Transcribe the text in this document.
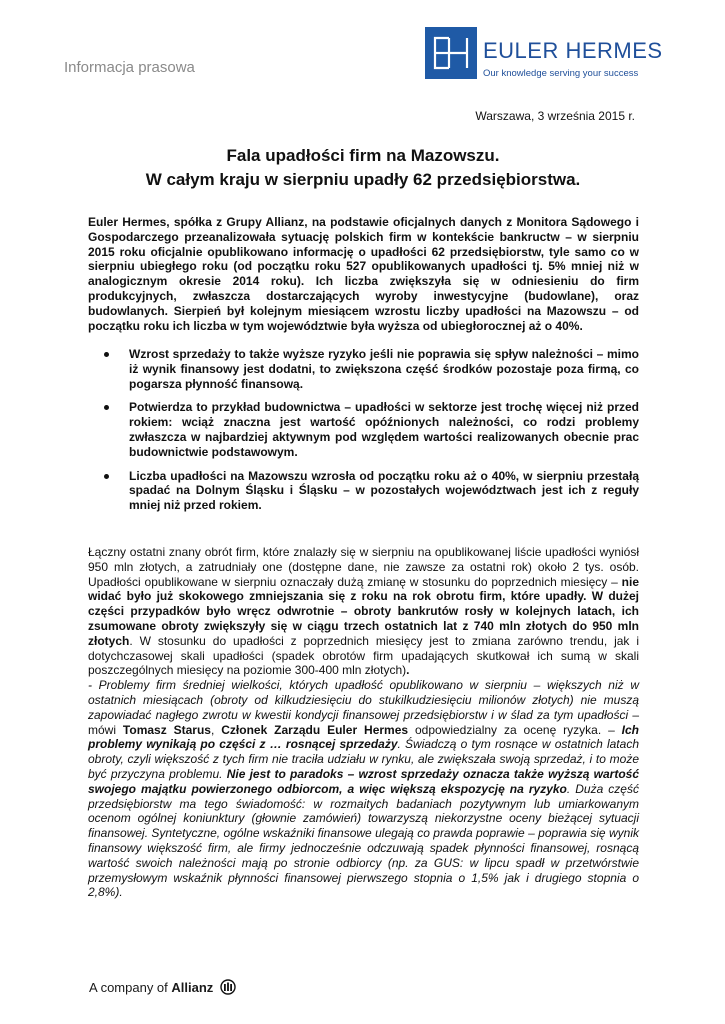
Informacja prasowa
EULER HERMES
Our knowledge serving your success
Warszawa, 3 września 2015 r.
Fala upadłości firm na Mazowszu.
W całym kraju w sierpniu upadły 62 przedsiębiorstwa.
Euler Hermes, spółka z Grupy Allianz, na podstawie oficjalnych danych z Monitora Sądowego i Gospodarczego przeanalizowała sytuację polskich firm w kontekście bankructw – w sierpniu 2015 roku oficjalnie opublikowano informację o upadłości 62 przedsiębiorstw, tyle samo co w sierpniu ubiegłego roku (od początku roku 527 opublikowanych upadłości tj. 5% mniej niż w analogicznym okresie 2014 roku). Ich liczba zwiększyła się w odniesieniu do firm produkcyjnych, zwłaszcza dostarczających wyroby inwestycyjne (budowlane), oraz budowlanych. Sierpień był kolejnym miesiącem wzrostu liczby upadłości na Mazowszu – od początku roku ich liczba w tym województwie była wyższa od ubiegłorocznej aż o 40%.
Wzrost sprzedaży to także wyższe ryzyko jeśli nie poprawia się spływ należności – mimo iż wynik finansowy jest dodatni, to zwiększona część środków pozostaje poza firmą, co pogarsza płynność finansową.
Potwierdza to przykład budownictwa – upadłości w sektorze jest trochę więcej niż przed rokiem: wciąż znaczna jest wartość opóźnionych należności, co rodzi problemy zwłaszcza w najbardziej aktywnym pod względem wartości realizowanych obecnie prac budownictwie podstawowym.
Liczba upadłości na Mazowszu wzrosła od początku roku aż o 40%, w sierpniu przestałą spadać na Dolnym Śląsku i Śląsku – w pozostałych województwach jest ich z reguły mniej niż przed rokiem.

Łączny ostatni znany obrót firm, które znalazły się w sierpniu na opublikowanej liście upadłości wyniósł 950 mln złotych, a zatrudniały one (dostępne dane, nie zawsze za ostatni rok) około 2 tys. osób. Upadłości opublikowane w sierpniu oznaczały dużą zmianę w stosunku do poprzednich miesięcy – nie widać było już skokowego zmniejszania się z roku na rok obrotu firm, które upadły. W dużej części przypadków było wręcz odwrotnie – obroty bankrutów rosły w kolejnych latach, ich zsumowane obroty zwiększyły się w ciągu trzech ostatnich lat z 740 mln złotych do 950 mln złotych. W stosunku do upadłości z poprzednich miesięcy jest to zmiana zarówno trendu, jak i dotychczasowej skali upadłości (spadek obrotów firm upadających skutkował ich sumą w skali poszczególnych miesięcy na poziomie 300-400 mln złotych).

- Problemy firm średniej wielkości, których upadłość opublikowano w sierpniu – większych niż w ostatnich miesiącach (obroty od kilkudziesięciu do stukilkudziesięciu milionów złotych) nie muszą zapowiadać nagłego zwrotu w kwestii kondycji finansowej przedsiębiorstw i w ślad za tym upadłości – mówi Tomasz Starus, Członek Zarządu Euler Hermes odpowiedzialny za ocenę ryzyka. – Ich problemy wynikają po części z … rosnącej sprzedaży. Świadczą o tym rosnące w ostatnich latach obroty, czyli większość z tych firm nie traciła udziału w rynku, ale zwiększała swoją sprzedaż, i to może być przyczyna problemu. Nie jest to paradoks – wzrost sprzedaży oznacza także wyższą wartość swojego majątku powierzonego odbiorcom, a więc większą ekspozycję na ryzyko. Duża część przedsiębiorstw ma tego świadomość: w rozmaitych badaniach pozytywnym lub umiarkowanym ocenom ogólnej koniunktury (głownie zamówień) towarzyszą niekorzystne oceny bieżącej sytuacji finansowej. Syntetyczne, ogólne wskaźniki finansowe ulegają co prawda poprawie – poprawia się wynik finansowy większość firm, ale firmy jednocześnie odczuwają spadek płynności finansowej, rosnącą wartość swoich należności mają po stronie odbiorcy (np. za GUS: w lipcu spadł w przetwórstwie przemysłowym wskaźnik płynności finansowej pierwszego stopnia o 1,5% jak i drugiego stopnia o 2,8%).

A company of Allianz
